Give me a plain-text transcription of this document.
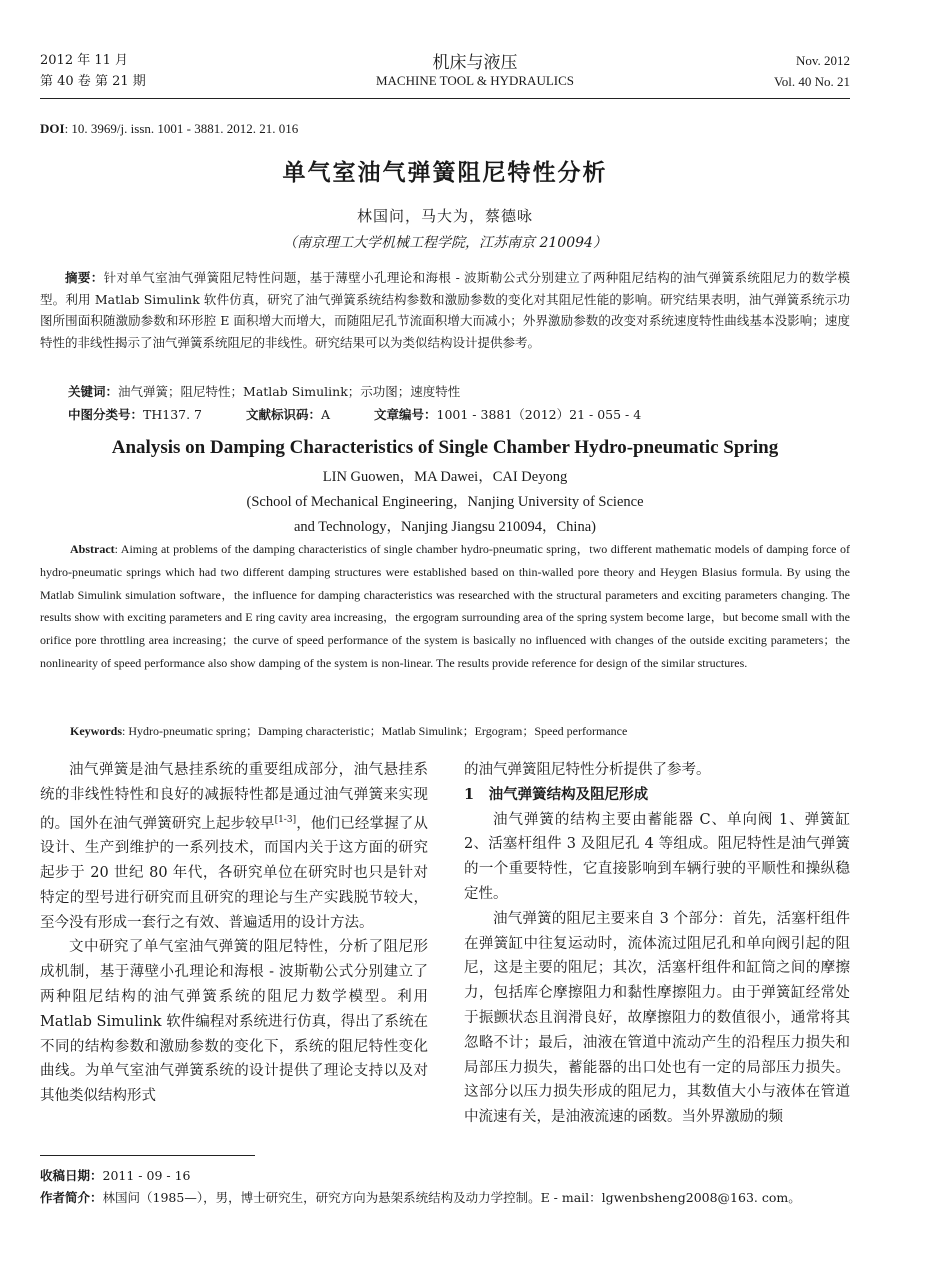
2012 年 11 月
第 40 卷 第 21 期
机床与液压
MACHINE TOOL & HYDRAULICS
Nov. 2012
Vol. 40 No. 21
DOI: 10. 3969/j. issn. 1001 - 3881. 2012. 21. 016
单气室油气弹簧阻尼特性分析
林国问，马大为，蔡德咏
（南京理工大学机械工程学院，江苏南京 210094）
摘要：针对单气室油气弹簧阻尼特性问题，基于薄壁小孔理论和海根 - 波斯勒公式分别建立了两种阻尼结构的油气弹簧系统阻尼力的数学模型。利用 Matlab Simulink 软件仿真，研究了油气弹簧系统结构参数和激励参数的变化对其阻尼性能的影响。研究结果表明，油气弹簧系统示功图所围面积随激励参数和环形腔 E 面积增大而增大，而随阻尼孔节流面积增大而减小；外界激励参数的改变对系统速度特性曲线基本没影响；速度特性的非线性揭示了油气弹簧系统阻尼的非线性。研究结果可以为类似结构设计提供参考。
关键词：油气弹簧；阻尼特性；Matlab Simulink；示功图；速度特性
中图分类号：TH137. 7	文献标识码：A	文章编号：1001 - 3881（2012）21 - 055 - 4
Analysis on Damping Characteristics of Single Chamber Hydro-pneumatic Spring
LIN Guowen，MA Dawei，CAI Deyong
(School of Mechanical Engineering，Nanjing University of Science
and Technology，Nanjing Jiangsu 210094，China)
Abstract: Aiming at problems of the damping characteristics of single chamber hydro-pneumatic spring，two different mathematic models of damping force of hydro-pneumatic springs which had two different damping structures were established based on thin-walled pore theory and Heygen Blasius formula. By using the Matlab Simulink simulation software，the influence for damping characteristics was researched with the structural parameters and exciting parameters changing. The results show with exciting parameters and E ring cavity area increasing，the ergogram surrounding area of the spring system become large，but become small with the orifice pore throttling area increasing；the curve of speed performance of the system is basically no influenced with changes of the outside exciting parameters；the nonlinearity of speed performance also show damping of the system is non-linear. The results provide reference for design of the similar structures.
Keywords: Hydro-pneumatic spring；Damping characteristic；Matlab Simulink；Ergogram；Speed performance

油气弹簧是油气悬挂系统的重要组成部分，油气悬挂系统的非线性特性和良好的减振特性都是通过油气弹簧来实现的。国外在油气弹簧研究上起步较早[1-3]，他们已经掌握了从设计、生产到维护的一系列技术，而国内关于这方面的研究起步于 20 世纪 80 年代，各研究单位在研究时也只是针对特定的型号进行研究而且研究的理论与生产实践脱节较大，至今没有形成一套行之有效、普遍适用的设计方法。

文中研究了单气室油气弹簧的阻尼特性，分析了阻尼形成机制，基于薄壁小孔理论和海根 - 波斯勒公式分别建立了两种阻尼结构的油气弹簧系统的阻尼力数学模型。利用 Matlab Simulink 软件编程对系统进行仿真，得出了系统在不同的结构参数和激励参数的变化下，系统的阻尼特性变化曲线。为单气室油气弹簧系统的设计提供了理论支持以及对其他类似结构形式

的油气弹簧阻尼特性分析提供了参考。

1　油气弹簧结构及阻尼形成

油气弹簧的结构主要由蓄能器 C、单向阀 1、弹簧缸 2、活塞杆组件 3 及阻尼孔 4 等组成。阻尼特性是油气弹簧的一个重要特性，它直接影响到车辆行驶的平顺性和操纵稳定性。

油气弹簧的阻尼主要来自 3 个部分：首先，活塞杆组件在弹簧缸中往复运动时，流体流过阻尼孔和单向阀引起的阻尼，这是主要的阻尼；其次，活塞杆组件和缸筒之间的摩擦力，包括库仑摩擦阻力和黏性摩擦阻力。由于弹簧缸经常处于振颤状态且润滑良好，故摩擦阻力的数值很小，通常将其忽略不计；最后，油液在管道中流动产生的沿程压力损失和局部压力损失，蓄能器的出口处也有一定的局部压力损失。这部分以压力损失形成的阻尼力，其数值大小与液体在管道中流速有关，是油液流速的函数。当外界激励的频

收稿日期：2011 - 09 - 16
作者简介：林国问（1985—），男，博士研究生，研究方向为悬架系统结构及动力学控制。E - mail：lgwenbsheng2008@163. com。
